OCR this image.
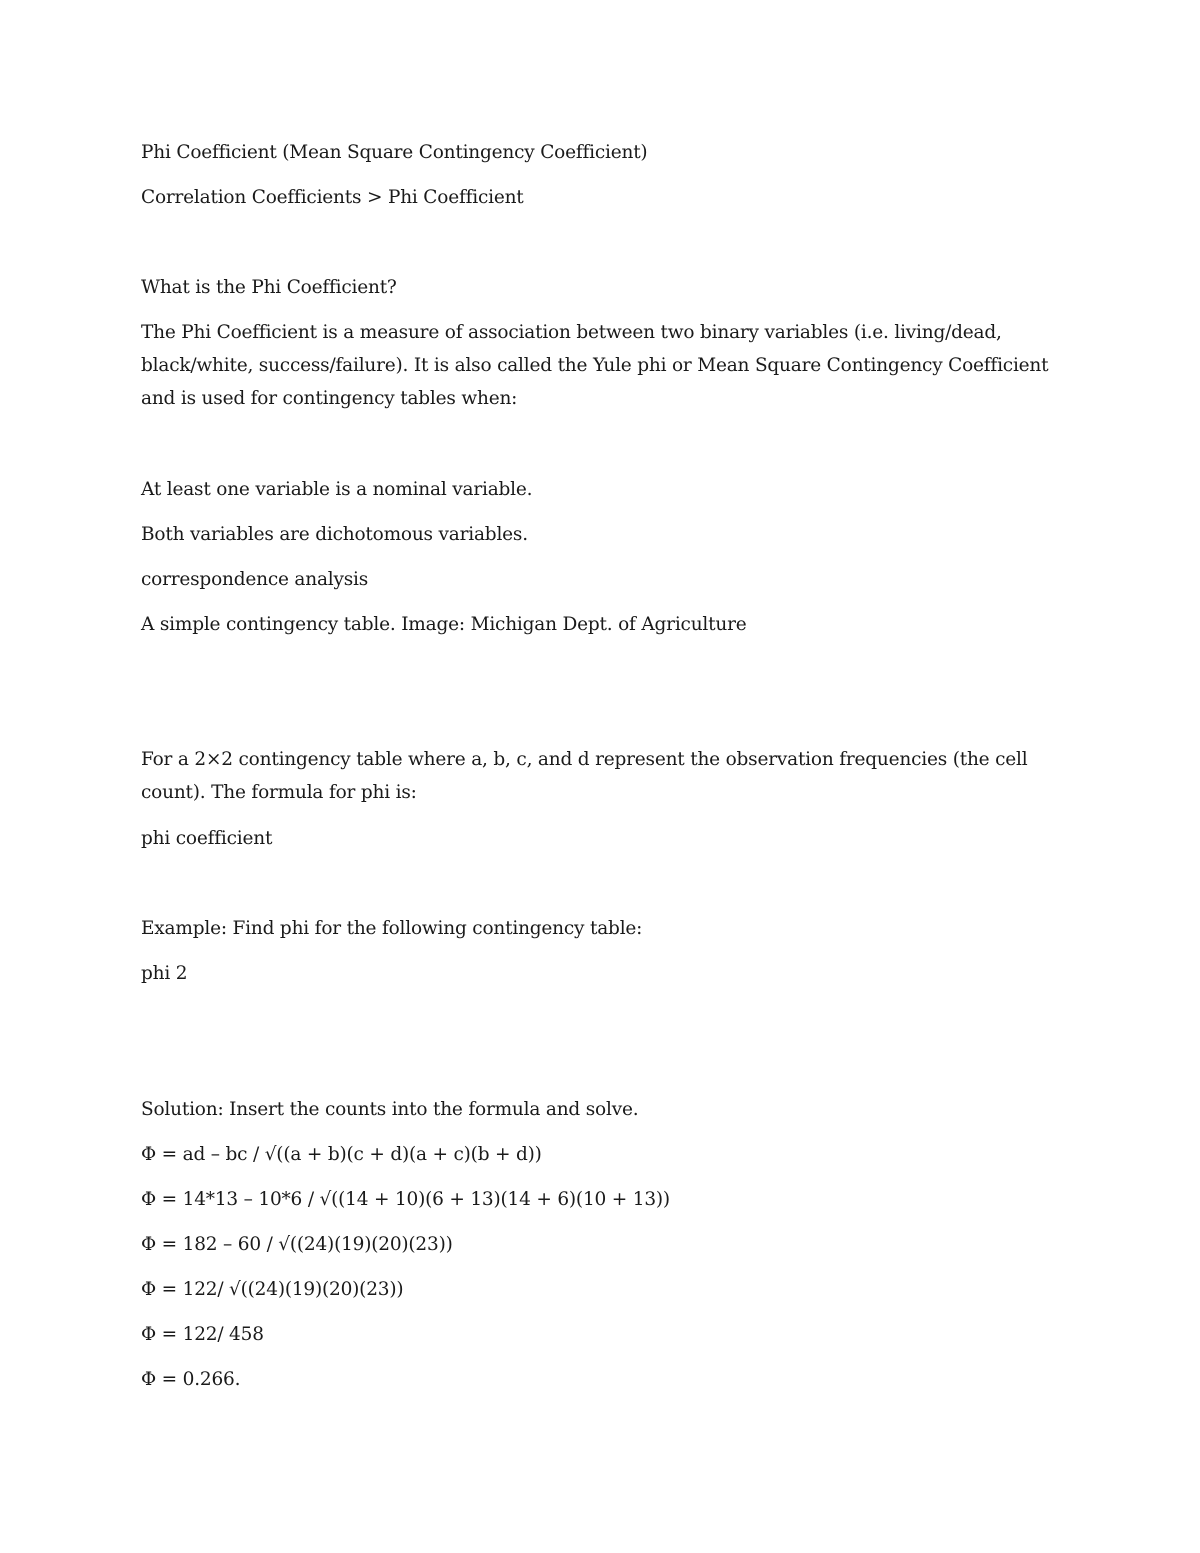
Phi Coefficient (Mean Square Contingency Coefficient)

Correlation Coefficients > Phi Coefficient

What is the Phi Coefficient?

The Phi Coefficient is a measure of association between two binary variables (i.e. living/dead, black/white, success/failure). It is also called the Yule phi or Mean Square Contingency Coefficient and is used for contingency tables when:

At least one variable is a nominal variable.

Both variables are dichotomous variables.

correspondence analysis

A simple contingency table. Image: Michigan Dept. of Agriculture

For a 2×2 contingency table where a, b, c, and d represent the observation frequencies (the cell count). The formula for phi is:

phi coefficient

Example: Find phi for the following contingency table:

phi 2

Solution: Insert the counts into the formula and solve.

Φ = ad – bc / √((a + b)(c + d)(a + c)(b + d))

Φ = 14*13 – 10*6 / √((14 + 10)(6 + 13)(14 + 6)(10 + 13))

Φ = 182 – 60 / √((24)(19)(20)(23))

Φ = 122/ √((24)(19)(20)(23))

Φ = 122/ 458

Φ = 0.266.
